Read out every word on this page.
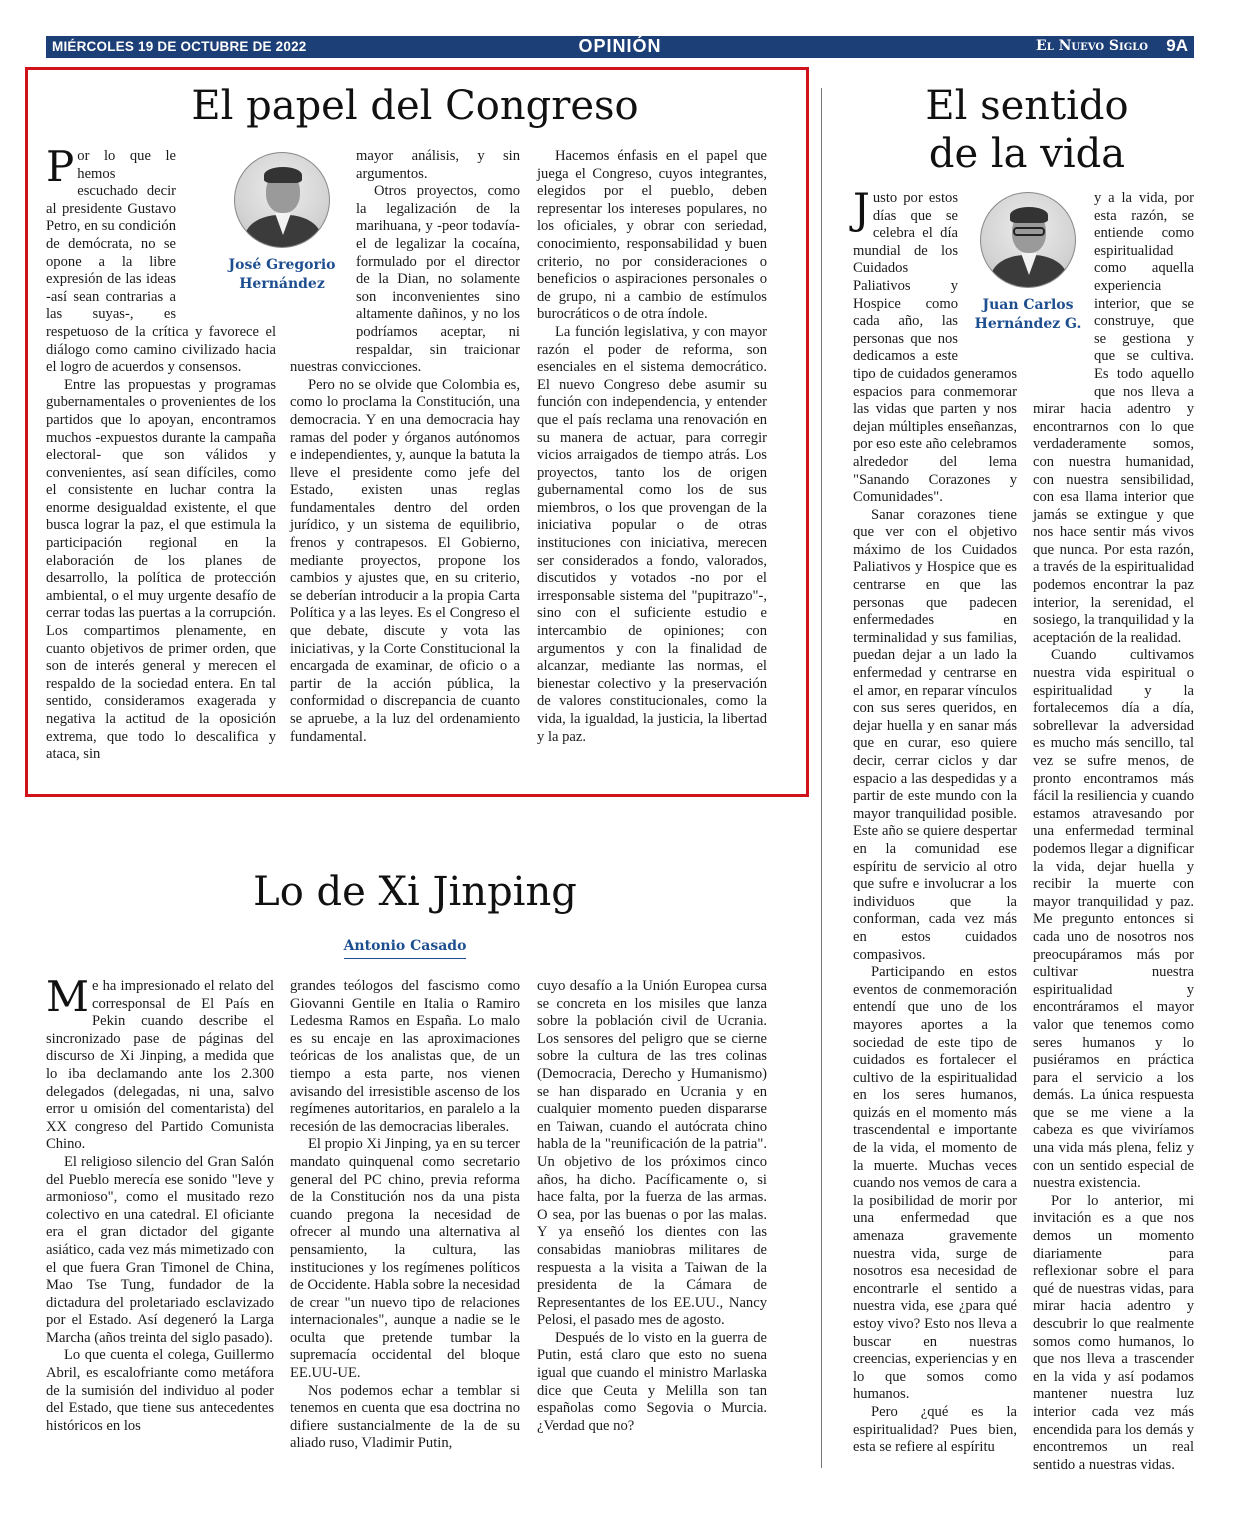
MIÉRCOLES 19 DE OCTUBRE DE 2022	OPINIÓN	El Nuevo Siglo 9A
El papel del Congreso

Por lo que le hemos escuchado decir al presidente Gustavo Petro, en su condición de demócrata, no se opone a la libre expresión de las ideas -así sean contrarias a las suyas-, es respetuoso de la crítica y favorece el diálogo como camino civilizado hacia el logro de acuerdos y consensos.

Entre las propuestas y programas gubernamentales o provenientes de los partidos que lo apoyan, encontramos muchos -expuestos durante la campaña electoral- que son válidos y convenientes, así sean difíciles, como el consistente en luchar contra la enorme desigualdad existente, el que busca lograr la paz, el que estimula la participación regional en la elaboración de los planes de desarrollo, la política de protección ambiental, o el muy urgente desafío de cerrar todas las puertas a la corrupción. Los compartimos plenamente, en cuanto objetivos de primer orden, que son de interés general y merecen el respaldo de la sociedad entera. En tal sentido, consideramos exagerada y negativa la actitud de la oposición extrema, que todo lo descalifica y ataca, sin

José Gregorio Hernández

mayor análisis, y sin argumentos.

Otros proyectos, como la legalización de la marihuana, y -peor todavía- el de legalizar la cocaína, formulado por el director de la Dian, no solamente son inconvenientes sino altamente dañinos, y no los podríamos aceptar, ni respaldar, sin traicionar nuestras convicciones.

Pero no se olvide que Colombia es, como lo proclama la Constitución, una democracia. Y en una democracia hay ramas del poder y órganos autónomos e independientes, y, aunque la batuta la lleve el presidente como jefe del Estado, existen unas reglas fundamentales dentro del orden jurídico, y un sistema de equilibrio, frenos y contrapesos. El Gobierno, mediante proyectos, propone los cambios y ajustes que, en su criterio, se deberían introducir a la propia Carta Política y a las leyes. Es el Congreso el que debate, discute y vota las iniciativas, y la Corte Constitucional la encargada de examinar, de oficio o a partir de la acción pública, la conformidad o discrepancia de cuanto se apruebe, a la luz del ordenamiento fundamental.

Hacemos énfasis en el papel que juega el Congreso, cuyos integrantes, elegidos por el pueblo, deben representar los intereses populares, no los oficiales, y obrar con seriedad, conocimiento, responsabilidad y buen criterio, no por consideraciones o beneficios o aspiraciones personales o de grupo, ni a cambio de estímulos burocráticos o de otra índole.

La función legislativa, y con mayor razón el poder de reforma, son esenciales en el sistema democrático. El nuevo Congreso debe asumir su función con independencia, y entender que el país reclama una renovación en su manera de actuar, para corregir vicios arraigados de tiempo atrás. Los proyectos, tanto los de origen gubernamental como los de sus miembros, o los que provengan de la iniciativa popular o de otras instituciones con iniciativa, merecen ser considerados a fondo, valorados, discutidos y votados -no por el irresponsable sistema del "pupitrazo"-, sino con el suficiente estudio e intercambio de opiniones; con argumentos y con la finalidad de alcanzar, mediante las normas, el bienestar colectivo y la preservación de valores constitucionales, como la vida, la igualdad, la justicia, la libertad y la paz.

Lo de Xi Jinping
Antonio Casado

Me ha impresionado el relato del corresponsal de El País en Pekin cuando describe el sincronizado pase de páginas del discurso de Xi Jinping, a medida que lo iba declamando ante los 2.300 delegados (delegadas, ni una, salvo error u omisión del comentarista) del XX congreso del Partido Comunista Chino.

El religioso silencio del Gran Salón del Pueblo merecía ese sonido "leve y armonioso", como el musitado rezo colectivo en una catedral. El oficiante era el gran dictador del gigante asiático, cada vez más mimetizado con el que fuera Gran Timonel de China, Mao Tse Tung, fundador de la dictadura del proletariado esclavizado por el Estado. Así degeneró la Larga Marcha (años treinta del siglo pasado).

Lo que cuenta el colega, Guillermo Abril, es escalofriante como metáfora de la sumisión del individuo al poder del Estado, que tiene sus antecedentes históricos en los

grandes teólogos del fascismo como Giovanni Gentile en Italia o Ramiro Ledesma Ramos en España. Lo malo es su encaje en las aproximaciones teóricas de los analistas que, de un tiempo a esta parte, nos vienen avisando del irresistible ascenso de los regímenes autoritarios, en paralelo a la recesión de las democracias liberales.

El propio Xi Jinping, ya en su tercer mandato quinquenal como secretario general del PC chino, previa reforma de la Constitución nos da una pista cuando pregona la necesidad de ofrecer al mundo una alternativa al pensamiento, la cultura, las instituciones y los regímenes políticos de Occidente. Habla sobre la necesidad de crear "un nuevo tipo de relaciones internacionales", aunque a nadie se le oculta que pretende tumbar la supremacía occidental del bloque EE.UU-UE.

Nos podemos echar a temblar si tenemos en cuenta que esa doctrina no difiere sustancialmente de la de su aliado ruso, Vladimir Putin,

cuyo desafío a la Unión Europea cursa se concreta en los misiles que lanza sobre la población civil de Ucrania. Los sensores del peligro que se cierne sobre la cultura de las tres colinas (Democracia, Derecho y Humanismo) se han disparado en Ucrania y en cualquier momento pueden dispararse en Taiwan, cuando el autócrata chino habla de la "reunificación de la patria". Un objetivo de los próximos cinco años, ha dicho. Pacíficamente o, si hace falta, por la fuerza de las armas. O sea, por las buenas o por las malas. Y ya enseñó los dientes con las consabidas maniobras militares de respuesta a la visita a Taiwan de la presidenta de la Cámara de Representantes de los EE.UU., Nancy Pelosi, el pasado mes de agosto.

Después de lo visto en la guerra de Putin, está claro que esto no suena igual que cuando el ministro Marlaska dice que Ceuta y Melilla son tan españolas como Segovia o Murcia. ¿Verdad que no?

El sentido
de la vida

Justo por estos días que se celebra el día mundial de los Cuidados Paliativos y Hospice como cada año, las personas que nos dedicamos a este tipo de cuidados generamos espacios para conmemorar las vidas que parten y nos dejan múltiples enseñanzas, por eso este año celebramos alrededor del lema "Sanando Corazones y Comunidades".

Sanar corazones tiene que ver con el objetivo máximo de los Cuidados Paliativos y Hospice que es centrarse en que las personas que padecen enfermedades en terminalidad y sus familias, puedan dejar a un lado la enfermedad y centrarse en el amor, en reparar vínculos con sus seres queridos, en dejar huella y en sanar más que en curar, eso quiere decir, cerrar ciclos y dar espacio a las despedidas y a partir de este mundo con la mayor tranquilidad posible. Este año se quiere despertar en la comunidad ese espíritu de servicio al otro que sufre e involucrar a los individuos que la conforman, cada vez más en estos cuidados compasivos.

Participando en estos eventos de conmemoración entendí que uno de los mayores aportes a la sociedad de este tipo de cuidados es fortalecer el cultivo de la espiritualidad en los seres humanos, quizás en el momento más trascendental e importante de la vida, el momento de la muerte. Muchas veces cuando nos vemos de cara a la posibilidad de morir por una enfermedad que amenaza gravemente nuestra vida, surge de nosotros esa necesidad de encontrarle el sentido a nuestra vida, ese ¿para qué estoy vivo? Esto nos lleva a buscar en nuestras creencias, experiencias y en lo que somos como humanos.

Pero ¿qué es la espiritualidad? Pues bien, esta se refiere al espíritu

Juan Carlos Hernández G.

y a la vida, por esta razón, se entiende como espiritualidad como aquella experiencia interior, que se construye, que se gestiona y que se cultiva. Es todo aquello que nos lleva a mirar hacia adentro y encontrarnos con lo que verdaderamente somos, con nuestra humanidad, con nuestra sensibilidad, con esa llama interior que jamás se extingue y que nos hace sentir más vivos que nunca. Por esta razón, a través de la espiritualidad podemos encontrar la paz interior, la serenidad, el sosiego, la tranquilidad y la aceptación de la realidad.

Cuando cultivamos nuestra vida espiritual o espiritualidad y la fortalecemos día a día, sobrellevar la adversidad es mucho más sencillo, tal vez se sufre menos, de pronto encontramos más fácil la resiliencia y cuando estamos atravesando por una enfermedad terminal podemos llegar a dignificar la vida, dejar huella y recibir la muerte con mayor tranquilidad y paz. Me pregunto entonces si cada uno de nosotros nos preocupáramos más por cultivar nuestra espiritualidad y encontráramos el mayor valor que tenemos como seres humanos y lo pusiéramos en práctica para el servicio a los demás. La única respuesta que se me viene a la cabeza es que viviríamos una vida más plena, feliz y con un sentido especial de nuestra existencia.

Por lo anterior, mi invitación es a que nos demos un momento diariamente para reflexionar sobre el para qué de nuestras vidas, para mirar hacia adentro y descubrir lo que realmente somos como humanos, lo que nos lleva a trascender en la vida y así podamos mantener nuestra luz interior cada vez más encendida para los demás y encontremos un real sentido a nuestras vidas.
